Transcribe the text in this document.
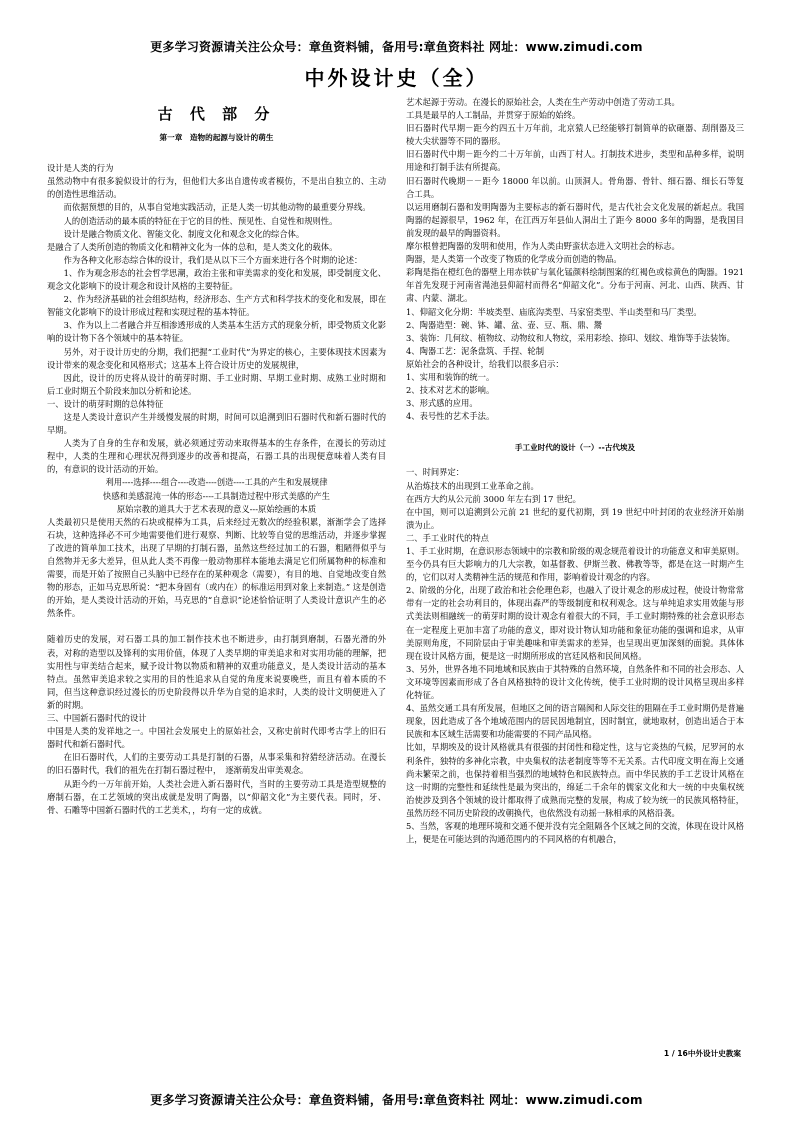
更多学习资源请关注公众号：章鱼资料铺，备用号:章鱼资料社 网址：www.zimudi.com
中外设计史（全）
古 代 部 分
第一章　造物的起源与设计的萌生

设计是人类的行为

虽然动物中有很多貌似设计的行为，但他们大多出自遗传或者模仿，不是出自独立的、主动的创造性思维活动。

而依据预想的目的，从事自觉地实践活动，正是人类一切其他动物的最重要分界线。

人的创造活动的最本质的特征在于它的目的性、预见性、自觉性和规则性。

设计是融合物质文化、智能文化、制度文化和观念文化的综合体。

是融合了人类所创造的物质文化和精神文化为一体的总和，是人类文化的载体。

作为各种文化形态综合体的设计，我们是从以下三个方面来进行各个时期的论述：

1、作为观念形态的社会哲学思潮，政治主张和审美需求的变化和发展，即受制度文化、观念文化影响下的设计观念和设计风格的主要特征。

2、作为经济基础的社会组织结构，经济形态、生产方式和科学技术的变化和发展，即在智能文化影响下的设计形成过程和实现过程的基本特征。

3、作为以上二者融合并互相渗透形成的人类基本生活方式的现象分析，即受物质文化影响的设计物下各个领域中的基本特征。

另外，对于设计历史的分期，我们把握“工业时代”为界定的核心，主要体现技术因素为设计带来的观念变化和风格形式；这基本上符合设计历史的发展规律，

因此，设计的历史将从设计的萌芽时期、手工业时期、早期工业时期、成熟工业时期和后工业时期五个阶段来加以分析和论述。

一、设计的萌芽时期的总体特征

这是人类设计意识产生并缓慢发展的时期，时间可以追溯到旧石器时代和新石器时代的早期。

人类为了自身的生存和发展，就必须通过劳动来取得基本的生存条件，在漫长的劳动过程中，人类的生理和心理状况得到逐步的改善和提高，石器工具的出现便意味着人类有目的，有意识的设计活动的开始。

利用----选择----组合----改造----创造----工具的产生和发展规律

快感和美感混沌一体的形态----工具制造过程中形式美感的产生

原始宗教的道具大于艺术表现的意义---原始绘画的本质

人类最初只是使用天然的石块或棍棒为工具，后来经过无数次的经验积累，渐渐学会了选择石块，这种选择必不可少地需要他们进行观察、判断、比较等自觉的思维活动，并逐步掌握了改进的简单加工技术，出现了早期的打制石器，虽然这些经过加工的石器，粗陋得似乎与自然物并无多大差异，但从此人类不再像一般动物那样本能地去满足它们所属物种的标准和需要，而是开始了按照自己头脑中已经存在的某种观念（需要），有目的地、自觉地改变自然物的形态，正如马克思所说：“把本身固有（或内在）的标准运用到对象上来制造。” 这是创造的开始，是人类设计活动的开始，马克思的“自意识”论述恰恰证明了人类设计意识产生的必然条件。

随着历史的发展，对石器工具的加工制作技术也不断进步，由打制到磨制，石器光滑的外表，对称的造型以及锋利的实用价值，体现了人类早期的审美追求和对实用功能的理解，把实用性与审美结合起来，赋予设计物以物质和精神的双重功能意义，是人类设计活动的基本特点。虽然审美追求较之实用的目的性追求从自觉的角度来说要晚些，而且有着本质的不同，但当这种意识经过漫长的历史阶段得以升华为自觉的追求时，人类的设计文明便进入了新的时期。

三、中国新石器时代的设计

中国是人类的发祥地之一。中国社会发展史上的原始社会，又称史前时代即考古学上的旧石器时代和新石器时代。

在旧石器时代，人们的主要劳动工具是打制的石器，从事采集和狩猎经济活动。在漫长的旧石器时代，我们的祖先在打制石器过程中，　逐渐萌发出审美观念。

从距今约一万年前开始，人类社会进入新石器时代，当时的主要劳动工具是造型规整的磨制石器，在工艺领域的突出成就是发明了陶器，以“仰韶文化”为主要代表。同时，牙、骨、石雕等中国新石器时代的工艺美术，，均有一定的成就。

艺术起源于劳动。在漫长的原始社会，人类在生产劳动中创造了劳动工具。

工具是最早的人工制品，并贯穿于原始的始终。

旧石器时代早期－距今约四五十万年前，北京猿人已经能够打制简单的砍砸器、刮削器及三棱大尖状器等不同的器形。

旧石器时代中期－距今约二十万年前，山西丁村人。打制技术进步，类型和品种多样，说明用途和打制手法有所提高。

旧石器时代晚期－－距今 18000 年以前。山顶洞人。骨角器、骨针、细石器、细长石等复合工具。

以运用磨制石器和发明陶器为主要标志的新石器时代，是古代社会文化发展的新起点。我国陶器的起源很早，1962 年，在江西万年县仙人洞出土了距今 8000 多年的陶器，是我国目前发现的最早的陶器资料。

摩尔根曾把陶器的发明和使用，作为人类由野蛮状态进入文明社会的标志。

陶器，是人类第一个改变了物质的化学成分而创造的物品。

彩陶是指在橙红色的器壁上用赤铁矿与氧化锰颜料绘制图案的红褐色或棕黄色的陶器。1921 年首先发现于河南省渑池县仰韶村而得名“仰韶文化”。分布于河南、河北、山西、陕西、甘肃、内蒙、湖北。

1、仰韶文化分期：半坡类型、庙底沟类型、马家窑类型、半山类型和马厂类型。

2、陶器造型：碗、钵、罐、盆、壶、豆、瓶、鼎、鬶

3、装饰：几何纹、植物纹、动物纹和人物纹，采用彩绘、捺印、划纹、堆饰等手法装饰。

4、陶器工艺：泥条盘筑、手捏、轮制

原始社会的各种设计，给我们以很多启示：

1、实用和装饰的统一。

2、技术对艺术的影响。

3、形式感的应用。

4、表号性的艺术手法。

手工业时代的设计（一）--古代埃及

一、时间界定：

从治炼技术的出现到工业革命之前。

在西方大约从公元前 3000 年左右到 17 世纪。

在中国，则可以追溯到公元前 21 世纪的夏代初期，到 19 世纪中叶封闭的农业经济开始崩溃为止。

二、手工业时代的特点

1、手工业时期，在意识形态领域中的宗教和阶级的观念规范着设计的功能意义和审美原则。至今仍具有巨大影响力的几大宗教，如基督教、伊斯兰教、佛教等等，都是在这一时期产生的，它们以对人类精神生活的规范和作用，影响着设计观念的内容。

2、阶级的分化，出现了政治和社会伦理色彩，也融入了设计观念的形成过程，使设计物常常带有一定的社会功利目的，体现出森严的等级制度和权利观念。这与单纯追求实用效能与形式美法则相融统一的萌芽时期的设计观念有着很大的不同，手工业时期特殊的社会意识形态在一定程度上更加丰富了功能的意义，即对设计物认知功能和象征功能的强调和追求，从审美原则角度，不同阶层由于审美趣味和审美需求的差异，也呈现出更加深刻的面貌。具体体现在设计风格方面，便是这一时期所形成的宫廷风格和民间风格。

3、另外，世界各地不同地域和民族由于其特殊的自然环境，自然条件和不同的社会形态、人文环境等因素而形成了各自风格独特的设计文化传统，使手工业时期的设计风格呈现出多样化特征。

4、虽然交通工具有所发展，但地区之间的语言隔阂和人际交往的阻隔在手工业时期仍是普遍现象，因此造成了各个地域范围内的居民因地制宜，因时制宜，就地取材，创造出适合于本民族和本区域生活需要和功能需要的不同产品风格。

比如，早期埃及的设计风格就具有很强的封闭性和稳定性，这与它炎热的气候，尼罗河的水利条件，独特的多神化宗教，中央集权的法老制度等等不无关系。古代印度文明在海上交通尚未繁荣之前，也保持着相当强烈的地域特色和民族特点。而中华民族的手工艺设计风格在这一时期的完整性和延续性是最为突出的，绵延二千余年的儒家文化和大一统的中央集权统治使涉及到各个领域的设计都取得了成熟而完整的发展，构成了较为统一的民族风格特征，虽然历经不同历史阶段的改朝换代，也依然没有动摇一脉相承的风格沿袭。

5、当然，客观的地理环境和交通不便并没有完全阻隔各个区域之间的交流，体现在设计风格上，便是在可能达到的沟通范围内的不同风格的有机融合，

1 / 16中外设计史教案
更多学习资源请关注公众号：章鱼资料铺，备用号:章鱼资料社 网址：www.zimudi.com
